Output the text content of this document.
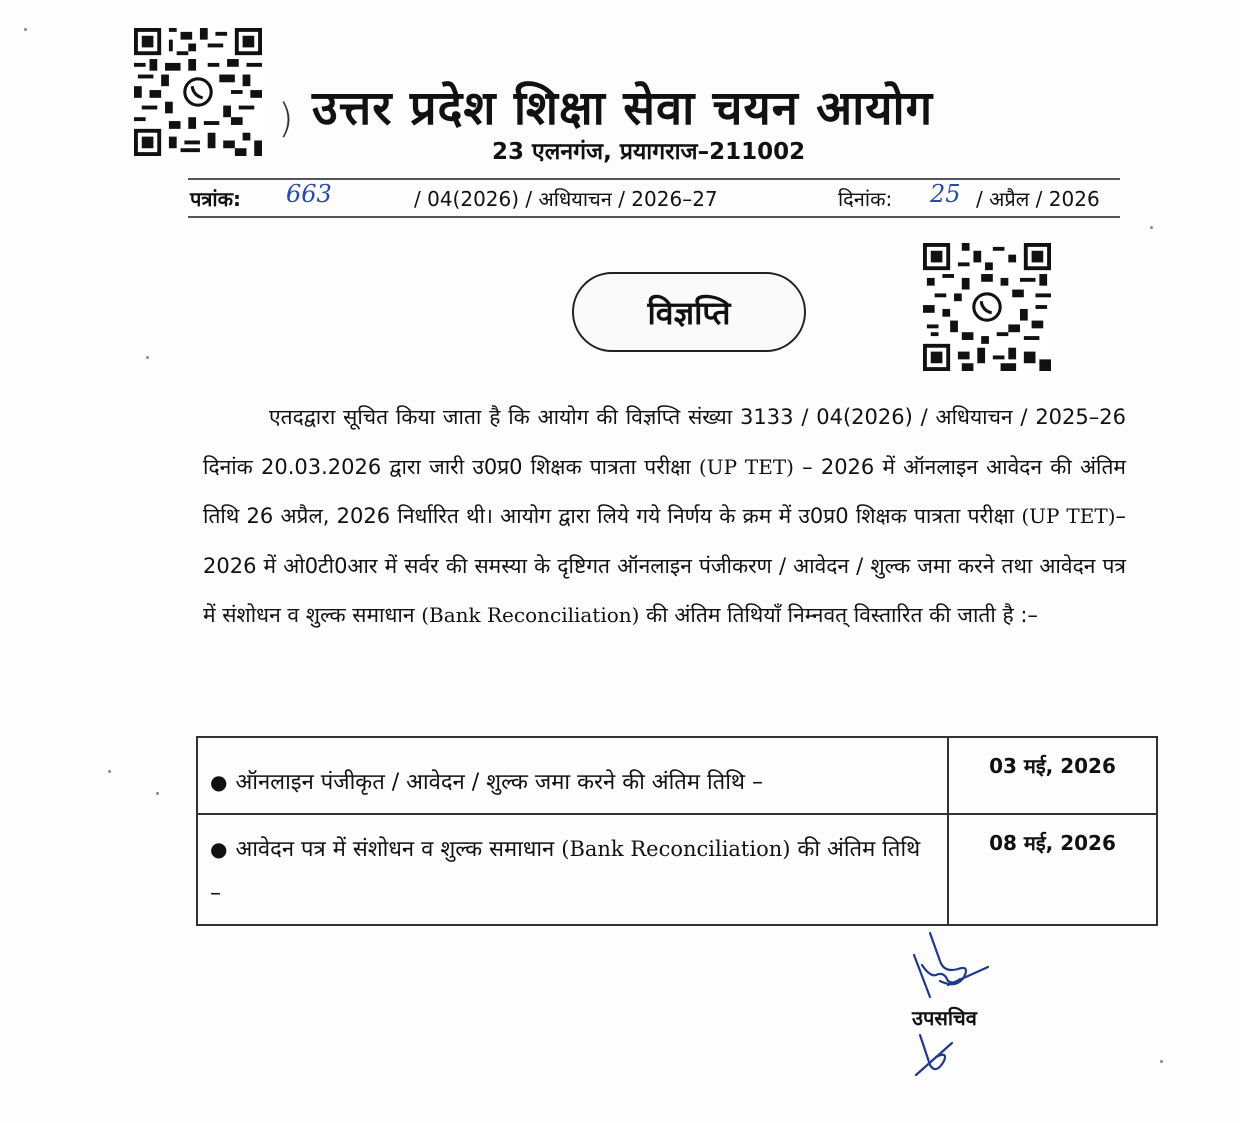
) उत्तर प्रदेश शिक्षा सेवा चयन आयोग
23 एलनगंज, प्रयागराज–211002
पत्रांक: 663	/ 04(2026) / अधियाचन / 2026–27	दिनांक: 25 / अप्रैल / 2026
विज्ञप्ति
एतदद्वारा सूचित किया जाता है कि आयोग की विज्ञप्ति संख्या 3133 / 04(2026) / अधियाचन / 2025–26 दिनांक 20.03.2026 द्वारा जारी उ0प्र0 शिक्षक पात्रता परीक्षा (UP TET) – 2026 में ऑनलाइन आवेदन की अंतिम तिथि 26 अप्रैल, 2026 निर्धारित थी। आयोग द्वारा लिये गये निर्णय के क्रम में उ0प्र0 शिक्षक पात्रता परीक्षा (UP TET)–2026 में ओ0टी0आर में सर्वर की समस्या के दृष्टिगत ऑनलाइन पंजीकरण / आवेदन / शुल्क जमा करने तथा आवेदन पत्र में संशोधन व शुल्क समाधान (Bank Reconciliation) की अंतिम तिथियाँ निम्नवत् विस्तारित की जाती है :–
● ऑनलाइन पंजीकृत / आवेदन / शुल्क जमा करने की अंतिम तिथि –	03 मई, 2026
● आवेदन पत्र में संशोधन व शुल्क समाधान (Bank Reconciliation) की अंतिम तिथि –	08 मई, 2026
उपसचिव
